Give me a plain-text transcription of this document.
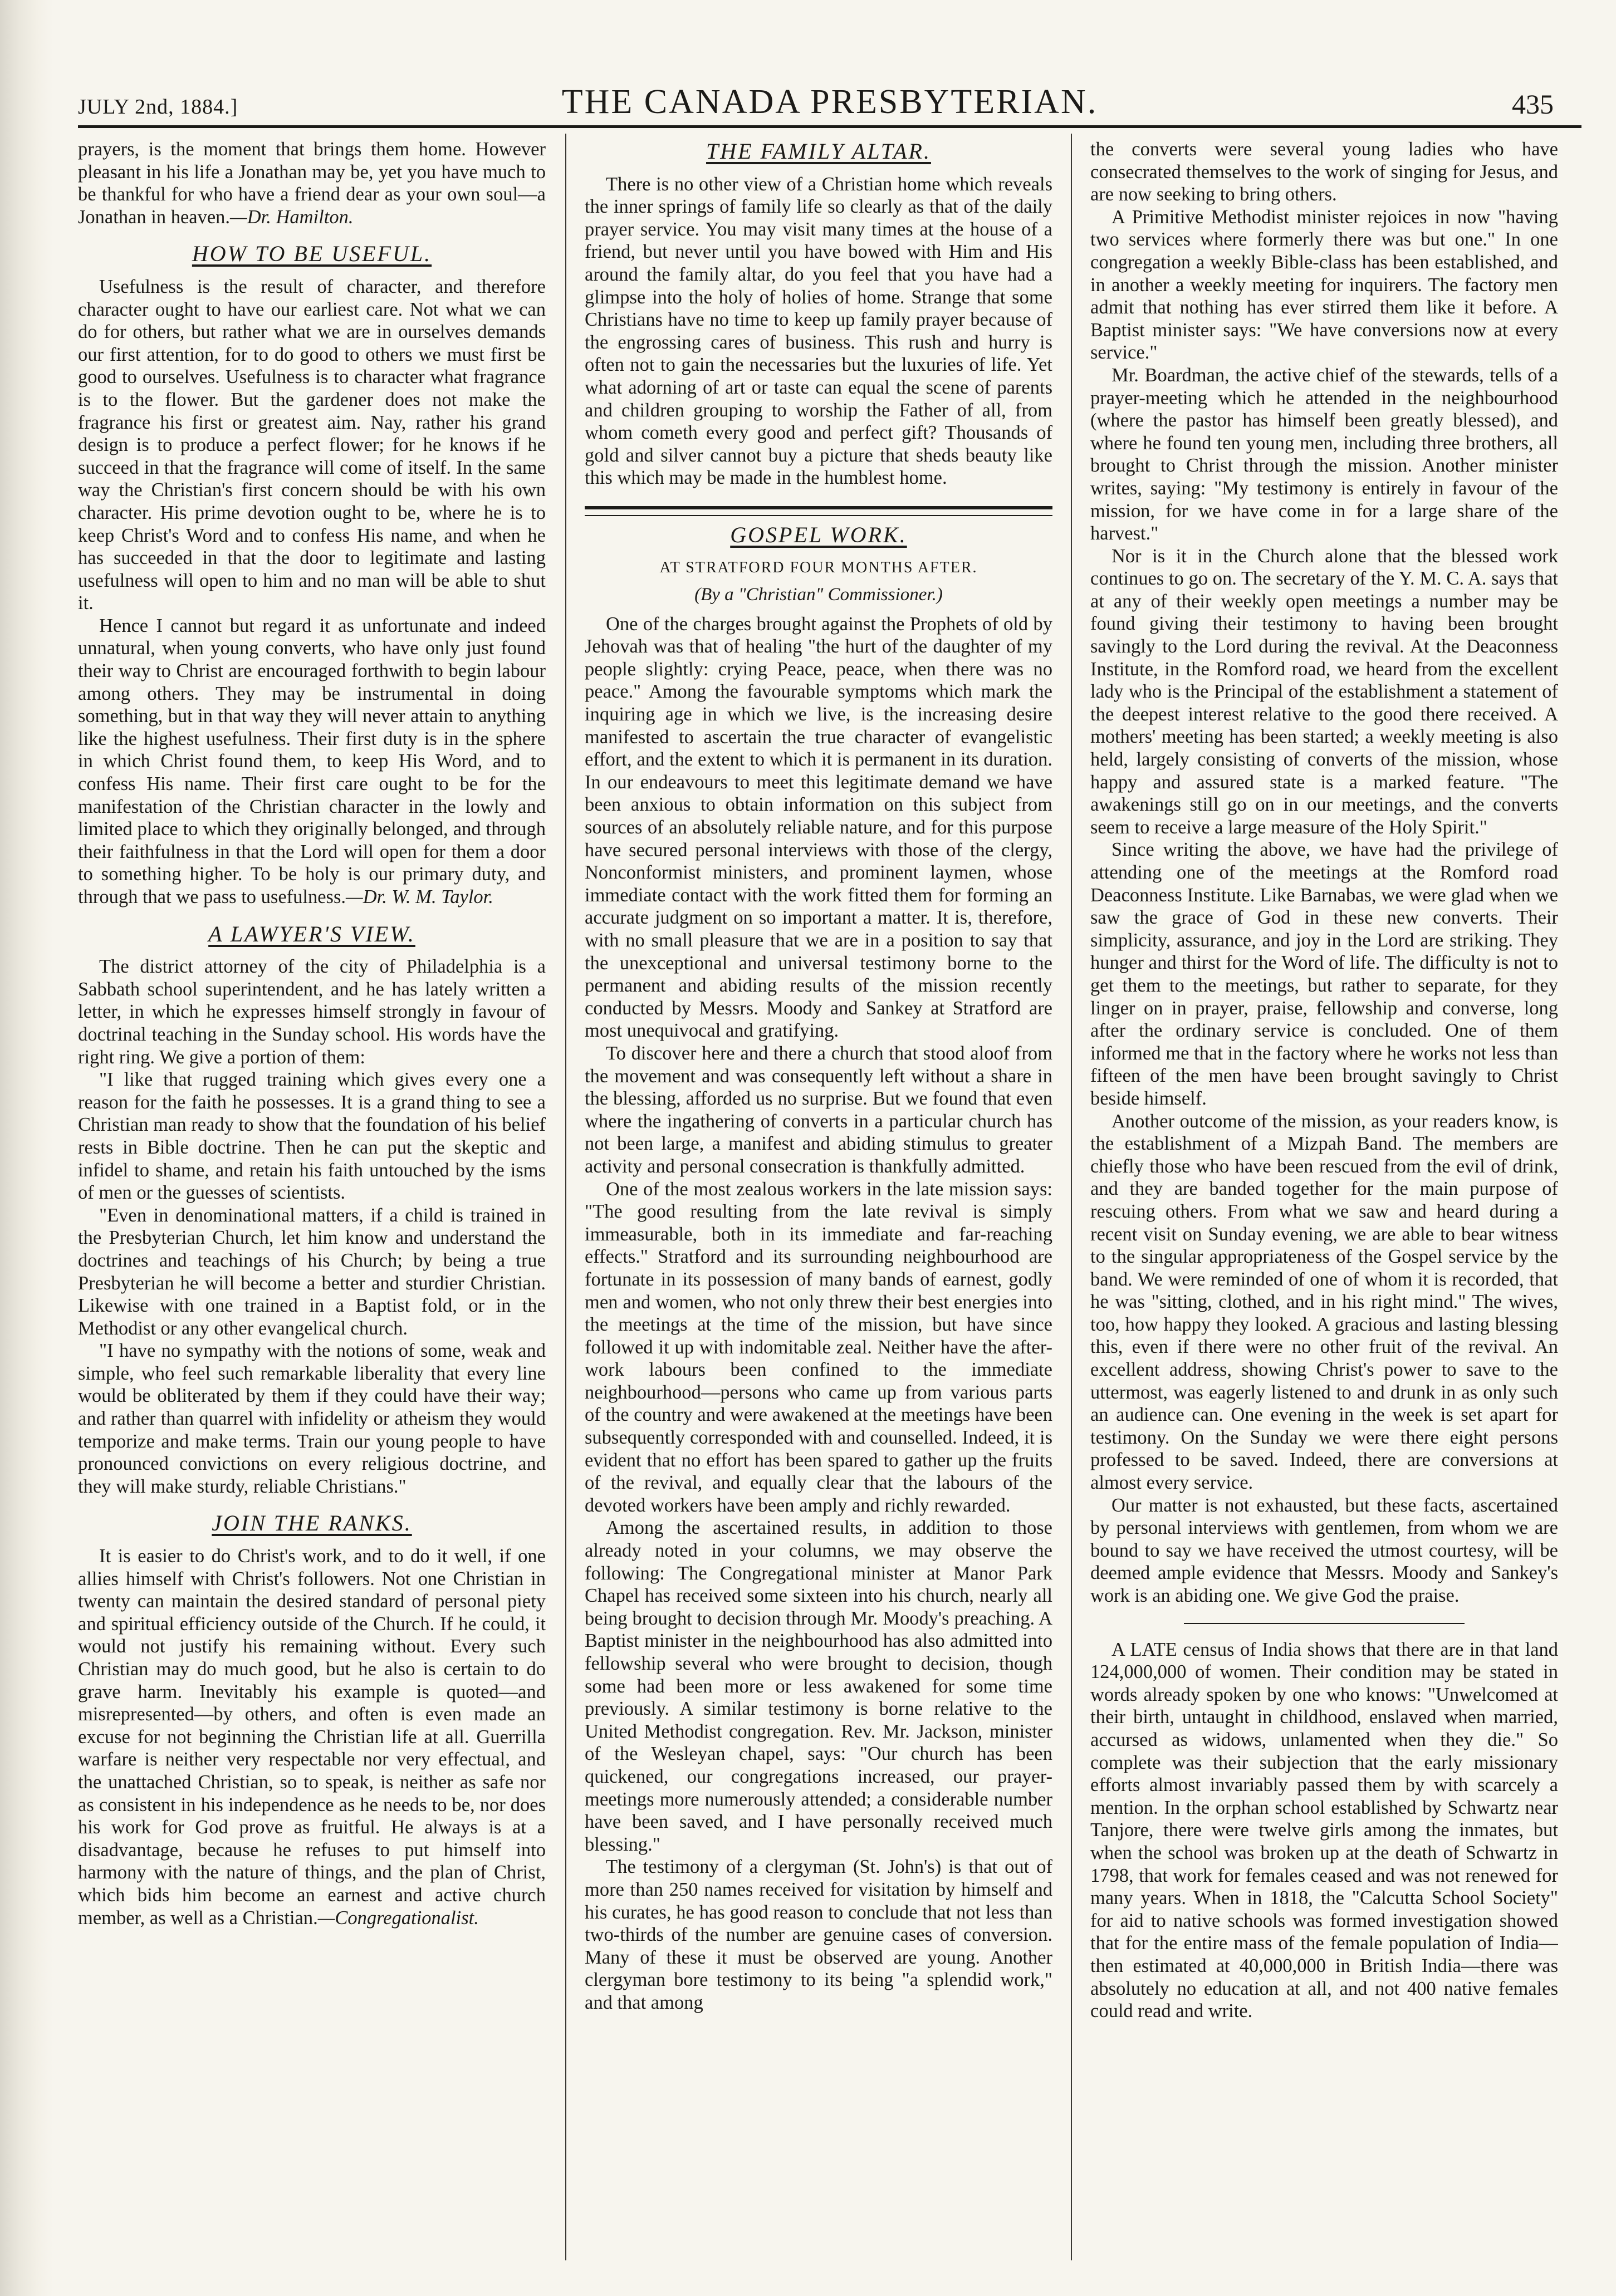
JULY 2nd, 1884.]	THE CANADA PRESBYTERIAN.	435

prayers, is the moment that brings them home. However pleasant in his life a Jonathan may be, yet you have much to be thankful for who have a friend dear as your own soul—a Jonathan in heaven.—Dr. Hamilton.

HOW TO BE USEFUL.

Usefulness is the result of character, and therefore character ought to have our earliest care. Not what we can do for others, but rather what we are in ourselves demands our first attention, for to do good to others we must first be good to ourselves. Usefulness is to character what fragrance is to the flower. But the gardener does not make the fragrance his first or greatest aim. Nay, rather his grand design is to produce a perfect flower; for he knows if he succeed in that the fragrance will come of itself. In the same way the Christian's first concern should be with his own character. His prime devotion ought to be, where he is to keep Christ's Word and to confess His name, and when he has succeeded in that the door to legitimate and lasting usefulness will open to him and no man will be able to shut it.

Hence I cannot but regard it as unfortunate and indeed unnatural, when young converts, who have only just found their way to Christ are encouraged forthwith to begin labour among others. They may be instrumental in doing something, but in that way they will never attain to anything like the highest usefulness. Their first duty is in the sphere in which Christ found them, to keep His Word, and to confess His name. Their first care ought to be for the manifestation of the Christian character in the lowly and limited place to which they originally belonged, and through their faithfulness in that the Lord will open for them a door to something higher. To be holy is our primary duty, and through that we pass to usefulness.—Dr. W. M. Taylor.

A LAWYER'S VIEW.

The district attorney of the city of Philadelphia is a Sabbath school superintendent, and he has lately written a letter, in which he expresses himself strongly in favour of doctrinal teaching in the Sunday school. His words have the right ring. We give a portion of them:

"I like that rugged training which gives every one a reason for the faith he possesses. It is a grand thing to see a Christian man ready to show that the foundation of his belief rests in Bible doctrine. Then he can put the skeptic and infidel to shame, and retain his faith untouched by the isms of men or the guesses of scientists.

"Even in denominational matters, if a child is trained in the Presbyterian Church, let him know and understand the doctrines and teachings of his Church; by being a true Presbyterian he will become a better and sturdier Christian. Likewise with one trained in a Baptist fold, or in the Methodist or any other evangelical church.

"I have no sympathy with the notions of some, weak and simple, who feel such remarkable liberality that every line would be obliterated by them if they could have their way; and rather than quarrel with infidelity or atheism they would temporize and make terms. Train our young people to have pronounced convictions on every religious doctrine, and they will make sturdy, reliable Christians."

JOIN THE RANKS.

It is easier to do Christ's work, and to do it well, if one allies himself with Christ's followers. Not one Christian in twenty can maintain the desired standard of personal piety and spiritual efficiency outside of the Church. If he could, it would not justify his remaining without. Every such Christian may do much good, but he also is certain to do grave harm. Inevitably his example is quoted—and misrepresented—by others, and often is even made an excuse for not beginning the Christian life at all. Guerrilla warfare is neither very respectable nor very effectual, and the unattached Christian, so to speak, is neither as safe nor as consistent in his independence as he needs to be, nor does his work for God prove as fruitful. He always is at a disadvantage, because he refuses to put himself into harmony with the nature of things, and the plan of Christ, which bids him become an earnest and active church member, as well as a Christian.—Congregationalist.

THE FAMILY ALTAR.

There is no other view of a Christian home which reveals the inner springs of family life so clearly as that of the daily prayer service. You may visit many times at the house of a friend, but never until you have bowed with Him and His around the family altar, do you feel that you have had a glimpse into the holy of holies of home. Strange that some Christians have no time to keep up family prayer because of the engrossing cares of business. This rush and hurry is often not to gain the necessaries but the luxuries of life. Yet what adorning of art or taste can equal the scene of parents and children grouping to worship the Father of all, from whom cometh every good and perfect gift? Thousands of gold and silver cannot buy a picture that sheds beauty like this which may be made in the humblest home.

GOSPEL WORK.
AT STRATFORD FOUR MONTHS AFTER.
(By a "Christian" Commissioner.)

One of the charges brought against the Prophets of old by Jehovah was that of healing "the hurt of the daughter of my people slightly: crying Peace, peace, when there was no peace." Among the favourable symptoms which mark the inquiring age in which we live, is the increasing desire manifested to ascertain the true character of evangelistic effort, and the extent to which it is permanent in its duration. In our endeavours to meet this legitimate demand we have been anxious to obtain information on this subject from sources of an absolutely reliable nature, and for this purpose have secured personal interviews with those of the clergy, Nonconformist ministers, and prominent laymen, whose immediate contact with the work fitted them for forming an accurate judgment on so important a matter. It is, therefore, with no small pleasure that we are in a position to say that the unexceptional and universal testimony borne to the permanent and abiding results of the mission recently conducted by Messrs. Moody and Sankey at Stratford are most unequivocal and gratifying.

To discover here and there a church that stood aloof from the movement and was consequently left without a share in the blessing, afforded us no surprise. But we found that even where the ingathering of converts in a particular church has not been large, a manifest and abiding stimulus to greater activity and personal consecration is thankfully admitted.

One of the most zealous workers in the late mission says: "The good resulting from the late revival is simply immeasurable, both in its immediate and far-reaching effects." Stratford and its surrounding neighbourhood are fortunate in its possession of many bands of earnest, godly men and women, who not only threw their best energies into the meetings at the time of the mission, but have since followed it up with indomitable zeal. Neither have the after-work labours been confined to the immediate neighbourhood—persons who came up from various parts of the country and were awakened at the meetings have been subsequently corresponded with and counselled. Indeed, it is evident that no effort has been spared to gather up the fruits of the revival, and equally clear that the labours of the devoted workers have been amply and richly rewarded.

Among the ascertained results, in addition to those already noted in your columns, we may observe the following: The Congregational minister at Manor Park Chapel has received some sixteen into his church, nearly all being brought to decision through Mr. Moody's preaching. A Baptist minister in the neighbourhood has also admitted into fellowship several who were brought to decision, though some had been more or less awakened for some time previously. A similar testimony is borne relative to the United Methodist congregation. Rev. Mr. Jackson, minister of the Wesleyan chapel, says: "Our church has been quickened, our congregations increased, our prayer-meetings more numerously attended; a considerable number have been saved, and I have personally received much blessing."

The testimony of a clergyman (St. John's) is that out of more than 250 names received for visitation by himself and his curates, he has good reason to conclude that not less than two-thirds of the number are genuine cases of conversion. Many of these it must be observed are young. Another clergyman bore testimony to its being "a splendid work," and that among

the converts were several young ladies who have consecrated themselves to the work of singing for Jesus, and are now seeking to bring others.

A Primitive Methodist minister rejoices in now "having two services where formerly there was but one." In one congregation a weekly Bible-class has been established, and in another a weekly meeting for inquirers. The factory men admit that nothing has ever stirred them like it before. A Baptist minister says: "We have conversions now at every service."

Mr. Boardman, the active chief of the stewards, tells of a prayer-meeting which he attended in the neighbourhood (where the pastor has himself been greatly blessed), and where he found ten young men, including three brothers, all brought to Christ through the mission. Another minister writes, saying: "My testimony is entirely in favour of the mission, for we have come in for a large share of the harvest."

Nor is it in the Church alone that the blessed work continues to go on. The secretary of the Y. M. C. A. says that at any of their weekly open meetings a number may be found giving their testimony to having been brought savingly to the Lord during the revival. At the Deaconness Institute, in the Romford road, we heard from the excellent lady who is the Principal of the establishment a statement of the deepest interest relative to the good there received. A mothers' meeting has been started; a weekly meeting is also held, largely consisting of converts of the mission, whose happy and assured state is a marked feature. "The awakenings still go on in our meetings, and the converts seem to receive a large measure of the Holy Spirit."

Since writing the above, we have had the privilege of attending one of the meetings at the Romford road Deaconness Institute. Like Barnabas, we were glad when we saw the grace of God in these new converts. Their simplicity, assurance, and joy in the Lord are striking. They hunger and thirst for the Word of life. The difficulty is not to get them to the meetings, but rather to separate, for they linger on in prayer, praise, fellowship and converse, long after the ordinary service is concluded. One of them informed me that in the factory where he works not less than fifteen of the men have been brought savingly to Christ beside himself.

Another outcome of the mission, as your readers know, is the establishment of a Mizpah Band. The members are chiefly those who have been rescued from the evil of drink, and they are banded together for the main purpose of rescuing others. From what we saw and heard during a recent visit on Sunday evening, we are able to bear witness to the singular appropriateness of the Gospel service by the band. We were reminded of one of whom it is recorded, that he was "sitting, clothed, and in his right mind." The wives, too, how happy they looked. A gracious and lasting blessing this, even if there were no other fruit of the revival. An excellent address, showing Christ's power to save to the uttermost, was eagerly listened to and drunk in as only such an audience can. One evening in the week is set apart for testimony. On the Sunday we were there eight persons professed to be saved. Indeed, there are conversions at almost every service.

Our matter is not exhausted, but these facts, ascertained by personal interviews with gentlemen, from whom we are bound to say we have received the utmost courtesy, will be deemed ample evidence that Messrs. Moody and Sankey's work is an abiding one. We give God the praise.

A LATE census of India shows that there are in that land 124,000,000 of women. Their condition may be stated in words already spoken by one who knows: "Unwelcomed at their birth, untaught in childhood, enslaved when married, accursed as widows, unlamented when they die." So complete was their subjection that the early missionary efforts almost invariably passed them by with scarcely a mention. In the orphan school established by Schwartz near Tanjore, there were twelve girls among the inmates, but when the school was broken up at the death of Schwartz in 1798, that work for females ceased and was not renewed for many years. When in 1818, the "Calcutta School Society" for aid to native schools was formed investigation showed that for the entire mass of the female population of India—then estimated at 40,000,000 in British India—there was absolutely no education at all, and not 400 native females could read and write.
